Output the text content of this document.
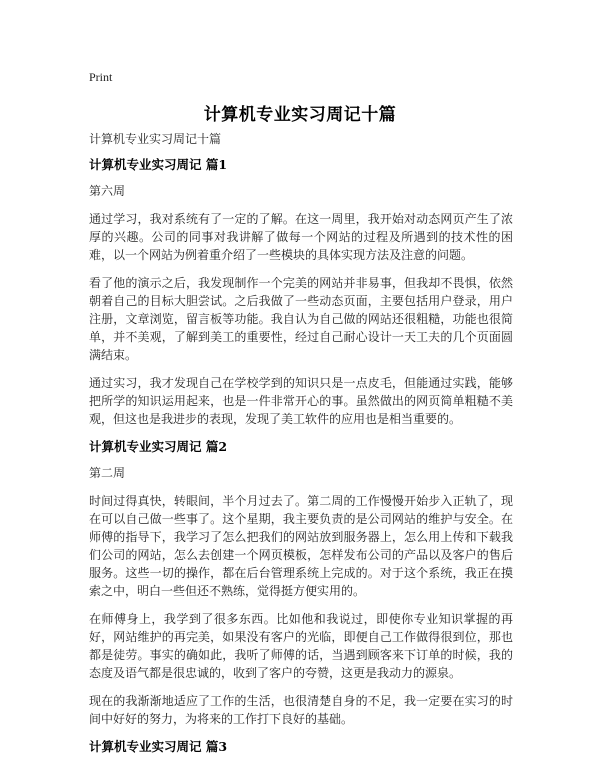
Print
计算机专业实习周记十篇
计算机专业实习周记十篇
计算机专业实习周记 篇1
第六周

通过学习，我对系统有了一定的了解。在这一周里，我开始对动态网页产生了浓厚的兴趣。公司的同事对我讲解了做每一个网站的过程及所遇到的技术性的困难，以一个网站为例着重介绍了一些模块的具体实现方法及注意的问题。

看了他的演示之后，我发现制作一个完美的网站并非易事，但我却不畏惧，依然朝着自己的目标大胆尝试。之后我做了一些动态页面，主要包括用户登录，用户注册，文章浏览，留言板等功能。我自认为自己做的网站还很粗糙，功能也很简单，并不美观，了解到美工的重要性，经过自己耐心设计一天工夫的几个页面圆满结束。

通过实习，我才发现自己在学校学到的知识只是一点皮毛，但能通过实践，能够把所学的知识运用起来，也是一件非常开心的事。虽然做出的网页简单粗糙不美观，但这也是我进步的表现，发现了美工软件的应用也是相当重要的。

计算机专业实习周记 篇2
第二周

时间过得真快，转眼间，半个月过去了。第二周的工作慢慢开始步入正轨了，现在可以自己做一些事了。这个星期，我主要负责的是公司网站的维护与安全。在师傅的指导下，我学习了怎么把我们的网站放到服务器上，怎么用上传和下载我们公司的网站，怎么去创建一个网页模板，怎样发布公司的产品以及客户的售后服务。这些一切的操作，都在后台管理系统上完成的。对于这个系统，我正在摸索之中，明白一些但还不熟练，觉得挺方便实用的。

在师傅身上，我学到了很多东西。比如他和我说过，即使你专业知识掌握的再好，网站维护的再完美，如果没有客户的光临，即便自己工作做得很到位，那也都是徒劳。事实的确如此，我听了师傅的话，当遇到顾客来下订单的时候，我的态度及语气都是很忠诚的，收到了客户的夸赞，这更是我动力的源泉。

现在的我渐渐地适应了工作的生活，也很清楚自身的不足，我一定要在实习的时间中好好的努力，为将来的工作打下良好的基础。

计算机专业实习周记 篇3
